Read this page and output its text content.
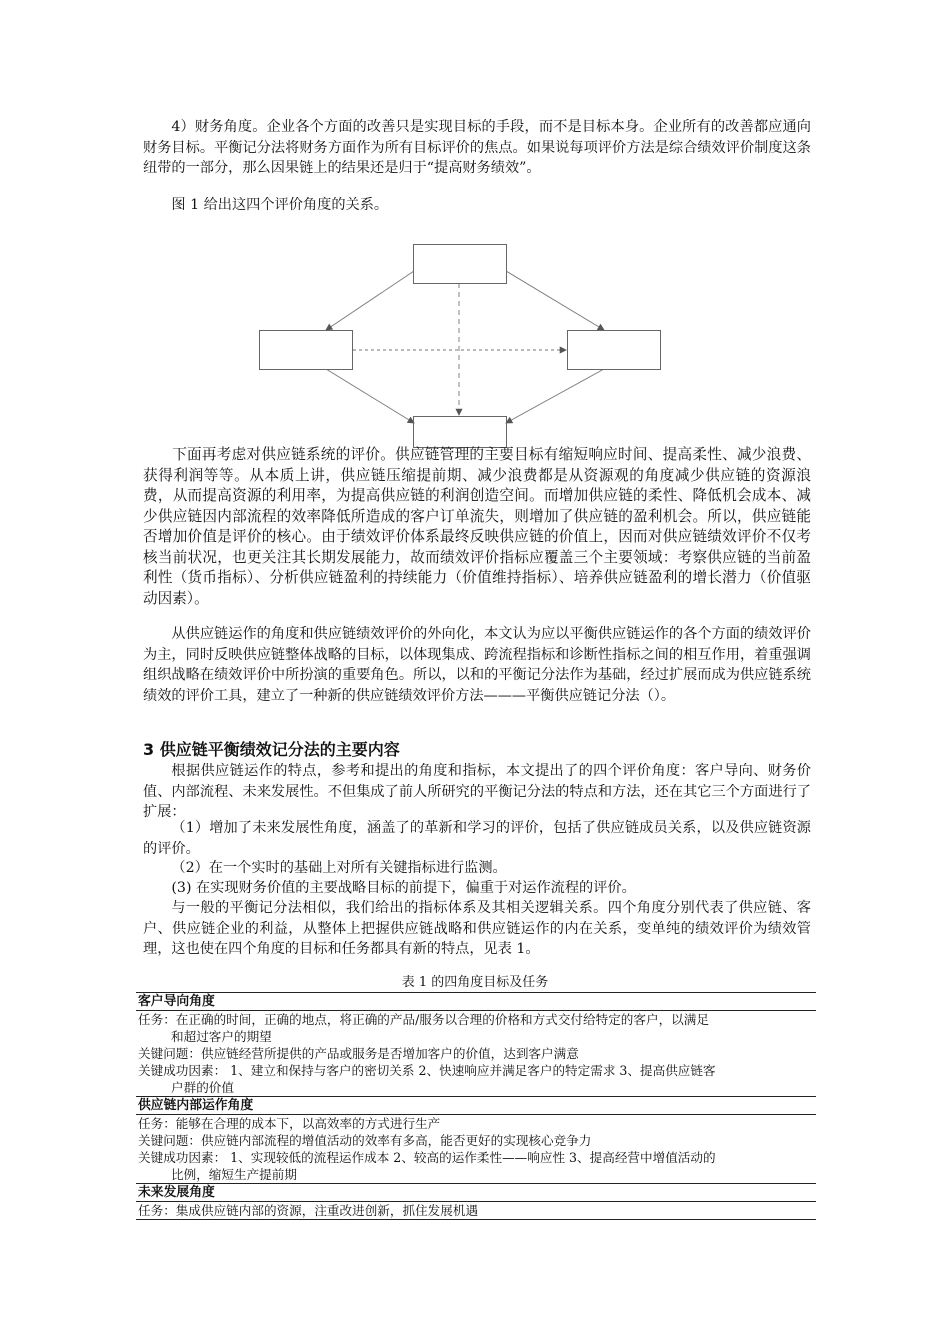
4）财务角度。企业各个方面的改善只是实现目标的手段，而不是目标本身。企业所有的改善都应通向财务目标。平衡记分法将财务方面作为所有目标评价的焦点。如果说每项评价方法是综合绩效评价制度这条纽带的一部分，那么因果链上的结果还是归于“提高财务绩效”。
图 1 给出这四个评价角度的关系。
下面再考虑对供应链系统的评价。供应链管理的主要目标有缩短响应时间、提高柔性、减少浪费、获得利润等等。从本质上讲，供应链压缩提前期、减少浪费都是从资源观的角度减少供应链的资源浪费，从而提高资源的利用率，为提高供应链的利润创造空间。而增加供应链的柔性、降低机会成本、减少供应链因内部流程的效率降低所造成的客户订单流失，则增加了供应链的盈利机会。所以，供应链能否增加价值是评价的核心。由于绩效评价体系最终反映供应链的价值上，因而对供应链绩效评价不仅考核当前状况，也更关注其长期发展能力，故而绩效评价指标应覆盖三个主要领域：考察供应链的当前盈利性（货币指标）、分析供应链盈利的持续能力（价值维持指标）、培养供应链盈利的增长潜力（价值驱动因素）。
从供应链运作的角度和供应链绩效评价的外向化，本文认为应以平衡供应链运作的各个方面的绩效评价为主，同时反映供应链整体战略的目标，以体现集成、跨流程指标和诊断性指标之间的相互作用，着重强调组织战略在绩效评价中所扮演的重要角色。所以，以和的平衡记分法作为基础，经过扩展而成为供应链系统绩效的评价工具，建立了一种新的供应链绩效评价方法———平衡供应链记分法（）。
3 供应链平衡绩效记分法的主要内容
根据供应链运作的特点，参考和提出的角度和指标，本文提出了的四个评价角度：客户导向、财务价值、内部流程、未来发展性。不但集成了前人所研究的平衡记分法的特点和方法，还在其它三个方面进行了扩展：
（1）增加了未来发展性角度，涵盖了的革新和学习的评价，包括了供应链成员关系，以及供应链资源的评价。
（2）在一个实时的基础上对所有关键指标进行监测。
(3) 在实现财务价值的主要战略目标的前提下，偏重于对运作流程的评价。
与一般的平衡记分法相似，我们给出的指标体系及其相关逻辑关系。四个角度分别代表了供应链、客户、供应链企业的利益，从整体上把握供应链战略和供应链运作的内在关系，变单纯的绩效评价为绩效管理，这也使在四个角度的目标和任务都具有新的特点，见表 1。
表 1 的四角度目标及任务
客户导向角度
任务：在正确的时间，正确的地点，将正确的产品/服务以合理的价格和方式交付给特定的客户，以满足
和超过客户的期望
关键问题：供应链经营所提供的产品或服务是否增加客户的价值，达到客户满意
关键成功因素： 1、建立和保持与客户的密切关系 2、快速响应并满足客户的特定需求 3、提高供应链客
户群的价值
供应链内部运作角度
任务：能够在合理的成本下，以高效率的方式进行生产
关键问题：供应链内部流程的增值活动的效率有多高，能否更好的实现核心竞争力
关键成功因素： 1、实现较低的流程运作成本 2、较高的运作柔性——响应性 3、提高经营中增值活动的
比例，缩短生产提前期
未来发展角度
任务：集成供应链内部的资源，注重改进创新，抓住发展机遇
